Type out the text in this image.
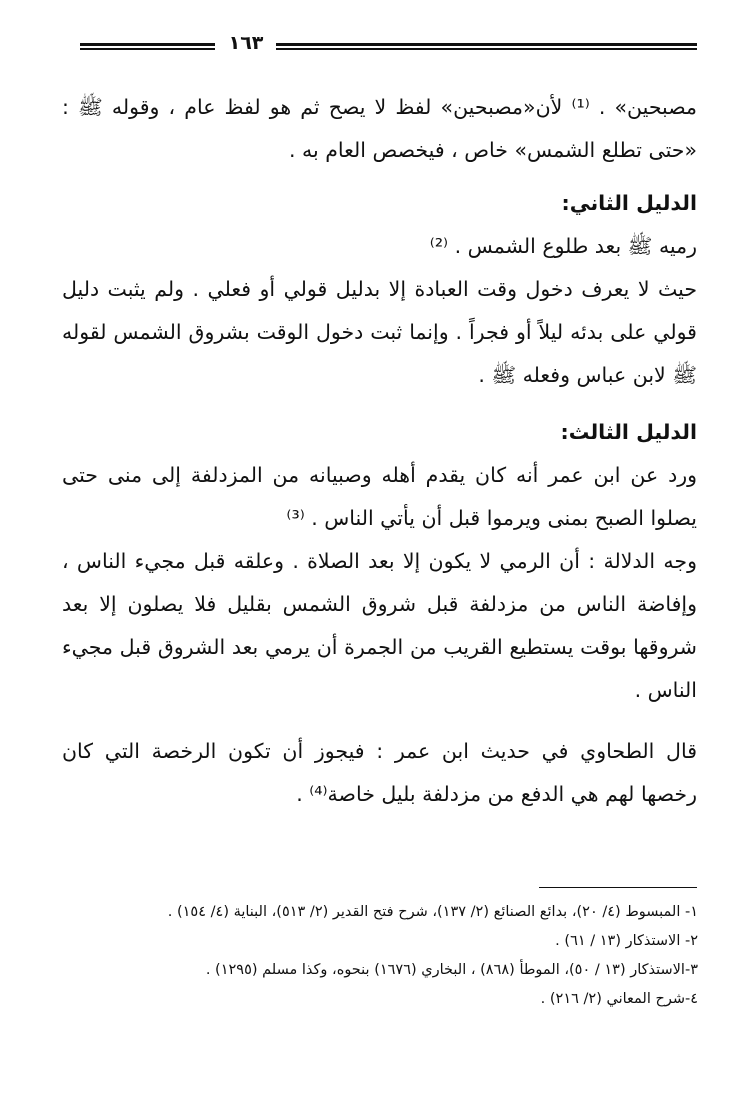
١٦٣

مصبحين» . ⁽¹⁾ لأن«مصبحين» لفظ لا يصح ثم هو لفظ عام ، وقوله ﷺ : «حتى تطلع الشمس» خاص ، فيخصص العام به .

الدليل الثاني:

رميه ﷺ بعد طلوع الشمس . ⁽²⁾

حيث لا يعرف دخول وقت العبادة إلا بدليل قولي أو فعلي . ولم يثبت دليل قولي على بدئه ليلاً أو فجراً . وإنما ثبت دخول الوقت بشروق الشمس لقوله ﷺ لابن عباس وفعله ﷺ .

الدليل الثالث:

ورد عن ابن عمر أنه كان يقدم أهله وصبيانه من المزدلفة إلى منى حتى يصلوا الصبح بمنى ويرموا قبل أن يأتي الناس . ⁽³⁾

وجه الدلالة : أن الرمي لا يكون إلا بعد الصلاة . وعلقه قبل مجيء الناس ، وإفاضة الناس من مزدلفة قبل شروق الشمس بقليل فلا يصلون إلا بعد شروقها بوقت يستطيع القريب من الجمرة أن يرمي بعد الشروق قبل مجيء الناس .

قال الطحاوي في حديث ابن عمر : فيجوز أن تكون الرخصة التي كان رخصها لهم هي الدفع من مزدلفة بليل خاصة⁽⁴⁾ .

١- المبسوط (٤/ ٢٠)، بدائع الصنائع (٢/ ١٣٧)، شرح فتح القدير (٢/ ٥١٣)، البناية (٤/ ١٥٤) .

٢- الاستذكار (١٣ / ٦١) .

٣-الاستذكار (١٣ / ٥٠)، الموطأ (٨٦٨) ، البخاري (١٦٧٦) بنحوه، وكذا مسلم (١٢٩٥) .

٤-شرح المعاني (٢/ ٢١٦) .
